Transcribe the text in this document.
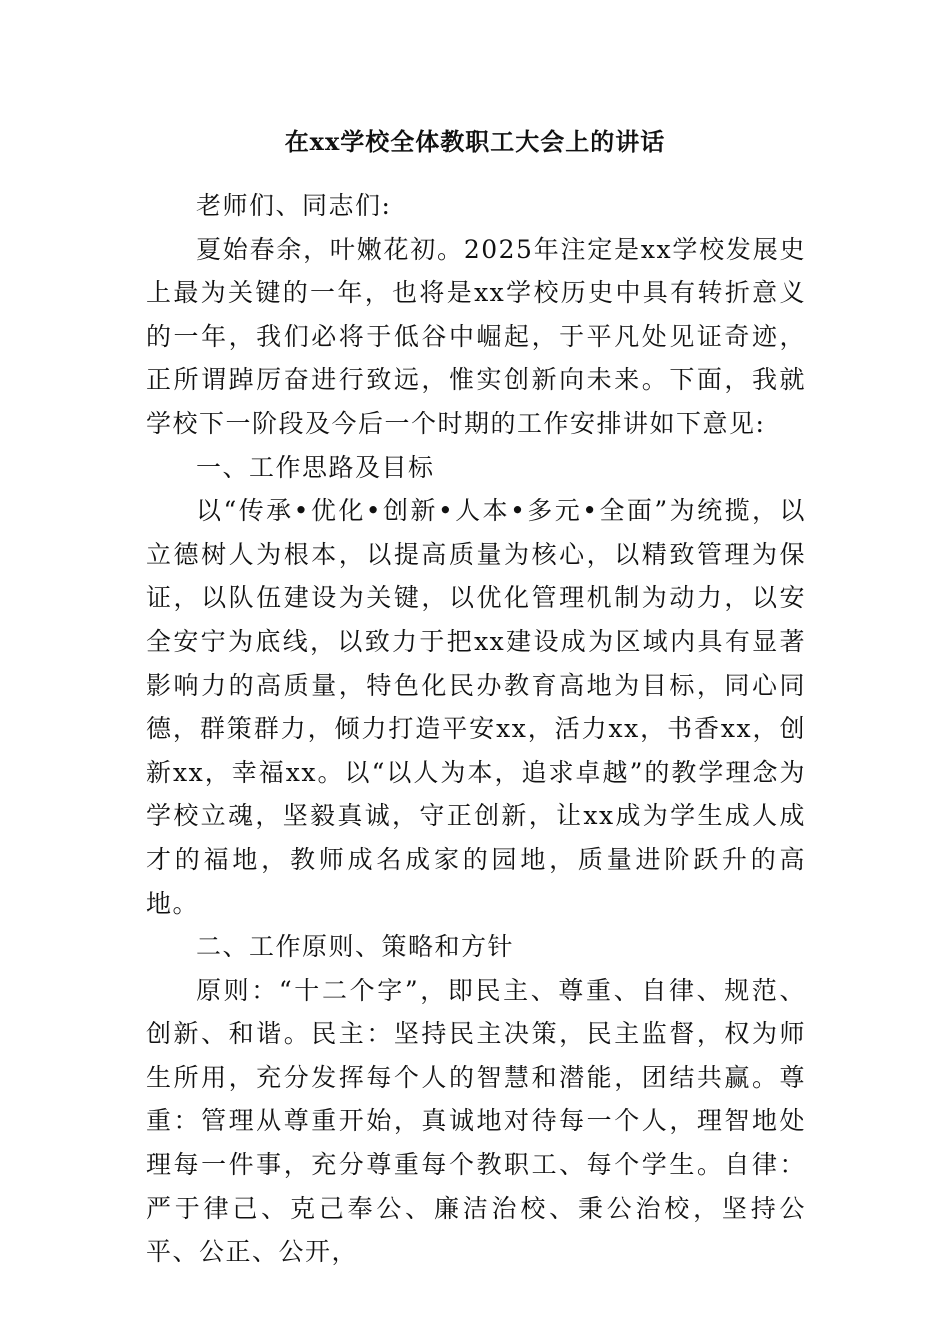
在xx学校全体教职工大会上的讲话

老师们、同志们:

夏始春余，叶嫩花初。2025年注定是xx学校发展史上最为关键的一年，也将是xx学校历史中具有转折意义的一年，我们必将于低谷中崛起，于平凡处见证奇迹，正所谓踔厉奋进行致远，惟实创新向未来。下面，我就学校下一阶段及今后一个时期的工作安排讲如下意见:

一、工作思路及目标

以“传承•优化•创新•人本•多元•全面”为统揽，以立德树人为根本，以提高质量为核心，以精致管理为保证，以队伍建设为关键，以优化管理机制为动力，以安全安宁为底线，以致力于把xx建设成为区域内具有显著影响力的高质量，特色化民办教育高地为目标，同心同德，群策群力，倾力打造平安xx，活力xx，书香xx，创新xx，幸福xx。以“以人为本，追求卓越”的教学理念为学校立魂，坚毅真诚，守正创新，让xx成为学生成人成才的福地，教师成名成家的园地，质量进阶跃升的高地。

二、工作原则、策略和方针

原则：“十二个字”，即民主、尊重、自律、规范、创新、和谐。民主：坚持民主决策，民主监督，权为师生所用，充分发挥每个人的智慧和潜能，团结共赢。尊重：管理从尊重开始，真诚地对待每一个人，理智地处理每一件事，充分尊重每个教职工、每个学生。自律：严于律己、克己奉公、廉洁治校、秉公治校，坚持公平、公正、公开，
